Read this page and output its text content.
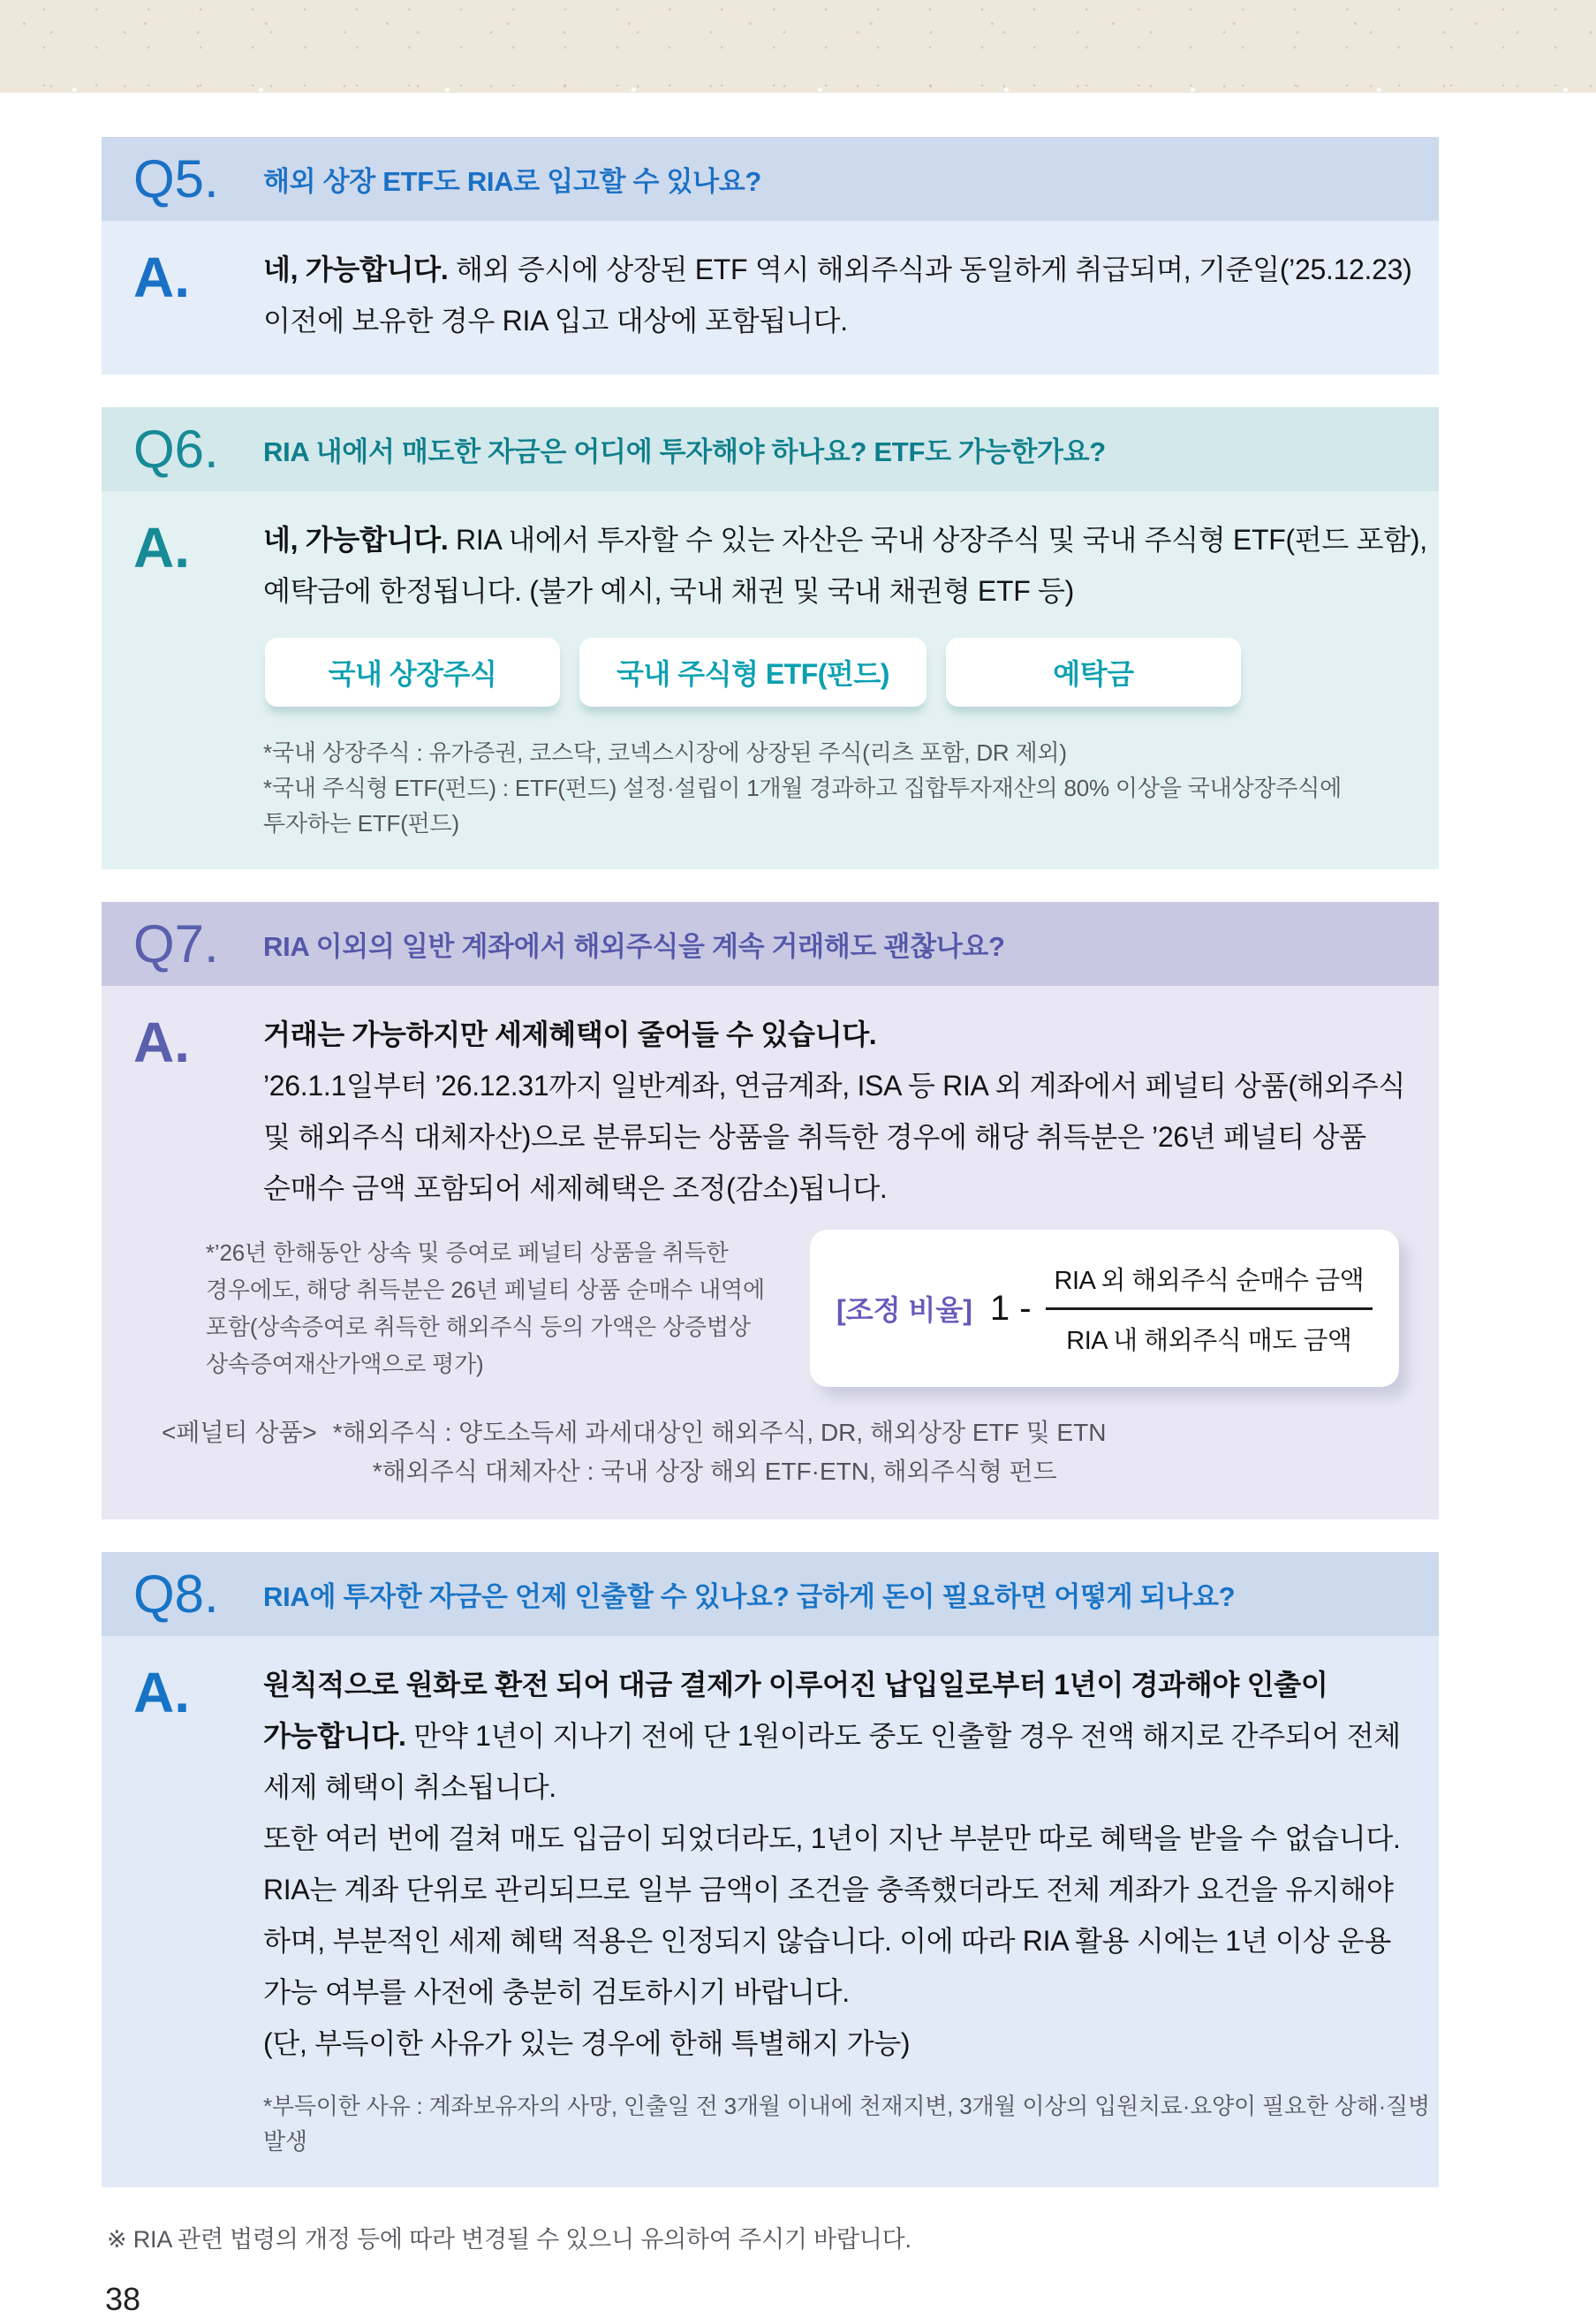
Q5.	해외 상장 ETF도 RIA로 입고할 수 있나요?
A.	네, 가능합니다. 해외 증시에 상장된 ETF 역시 해외주식과 동일하게 취급되며, 기준일(’25.12.23) 이전에 보유한 경우 RIA 입고 대상에 포함됩니다.

Q6.	RIA 내에서 매도한 자금은 어디에 투자해야 하나요? ETF도 가능한가요?
A.	네, 가능합니다. RIA 내에서 투자할 수 있는 자산은 국내 상장주식 및 국내 주식형 ETF(펀드 포함), 예탁금에 한정됩니다. (불가 예시, 국내 채권 및 국내 채권형 ETF 등)

국내 상장주식	국내 주식형 ETF(펀드)	예탁금
*국내 상장주식 : 유가증권, 코스닥, 코넥스시장에 상장된 주식(리츠 포함, DR 제외)
*국내 주식형 ETF(펀드) : ETF(펀드) 설정·설립이 1개월 경과하고 집합투자재산의 80% 이상을 국내상장주식에 투자하는 ETF(펀드)
Q7.	RIA 이외의 일반 계좌에서 해외주식을 계속 거래해도 괜찮나요?
A.	거래는 가능하지만 세제혜택이 줄어들 수 있습니다.
’26.1.1일부터 ’26.12.31까지 일반계좌, 연금계좌, ISA 등 RIA 외 계좌에서 페널티 상품(해외주식 및 해외주식 대체자산)으로 분류되는 상품을 취득한 경우에 해당 취득분은 ’26년 페널티 상품 순매수 금액 포함되어 세제혜택은 조정(감소)됩니다.

*’26년 한해동안 상속 및 증여로 페널티 상품을 취득한 경우에도, 해당 취득분은 26년 페널티 상품 순매수 내역에 포함(상속증여로 취득한 해외주식 등의 가액은 상증법상 상속증여재산가액으로 평가)
[조정 비율] $1 - \frac{\text{RIA 외 해외주식 순매수 금액}}{\text{RIA 내 해외주식 매도 금액}}$
<페널티 상품> *해외주식 : 양도소득세 과세대상인 해외주식, DR, 해외상장 ETF 및 ETN
*해외주식 대체자산 : 국내 상장 해외 ETF·ETN, 해외주식형 펀드
Q8.	RIA에 투자한 자금은 언제 인출할 수 있나요? 급하게 돈이 필요하면 어떻게 되나요?
A.	원칙적으로 원화로 환전 되어 대금 결제가 이루어진 납입일로부터 1년이 경과해야 인출이 가능합니다. 만약 1년이 지나기 전에 단 1원이라도 중도 인출할 경우 전액 해지로 간주되어 전체 세제 혜택이 취소됩니다.

또한 여러 번에 걸쳐 매도 입금이 되었더라도, 1년이 지난 부분만 따로 혜택을 받을 수 없습니다. RIA는 계좌 단위로 관리되므로 일부 금액이 조건을 충족했더라도 전체 계좌가 요건을 유지해야 하며, 부분적인 세제 혜택 적용은 인정되지 않습니다. 이에 따라 RIA 활용 시에는 1년 이상 운용 가능 여부를 사전에 충분히 검토하시기 바랍니다.

(단, 부득이한 사유가 있는 경우에 한해 특별해지 가능)

*부득이한 사유 : 계좌보유자의 사망, 인출일 전 3개월 이내에 천재지변, 3개월 이상의 입원치료·요양이 필요한 상해·질병 발생
※ RIA 관련 법령의 개정 등에 따라 변경될 수 있으니 유의하여 주시기 바랍니다.
38
